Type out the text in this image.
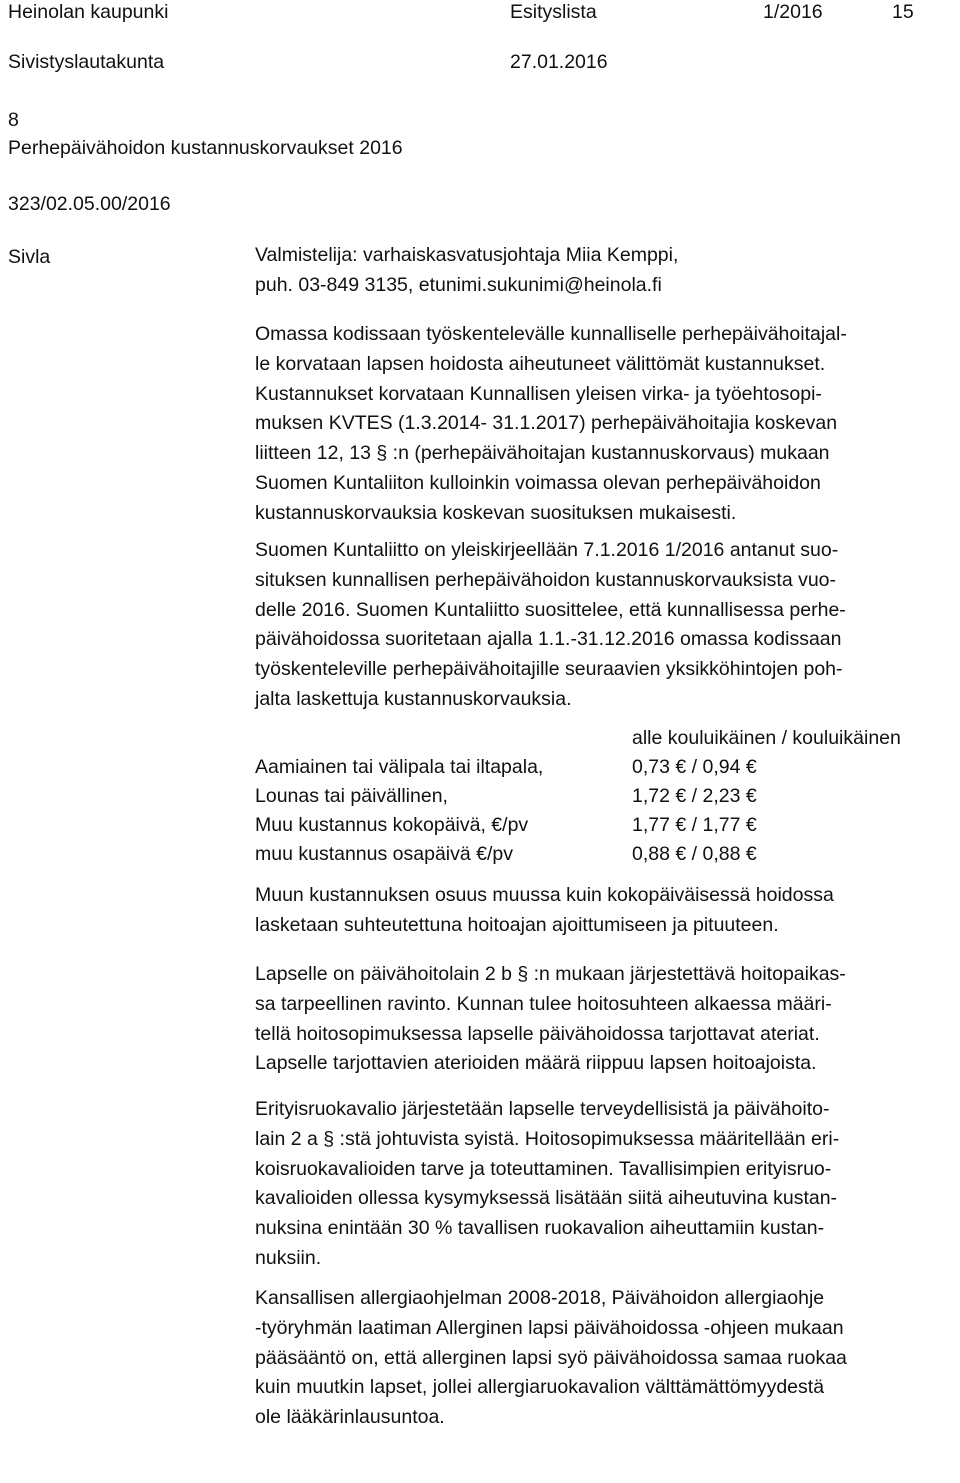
Heinolan kaupunki	Esityslista	1/2016	15
Sivistyslautakunta	27.01.2016
8
Perhepäivähoidon kustannuskorvaukset 2016
323/02.05.00/2016
Sivla	Valmistelija: varhaiskasvatusjohtaja Miia Kemppi,
puh. 03-849 3135, etunimi.sukunimi@heinola.fi
Omassa kodissaan työskentelevälle kunnalliselle perhepäivähoitajal-
le korvataan lapsen hoidosta aiheutuneet välittömät kustannukset.
Kustannukset korvataan Kunnallisen yleisen virka- ja työehtosopi-
muksen KVTES (1.3.2014- 31.1.2017) perhepäivähoitajia koskevan
liitteen 12, 13 § :n (perhepäivähoitajan kustannuskorvaus) mukaan
Suomen Kuntaliiton kulloinkin voimassa olevan perhepäivähoidon
kustannuskorvauksia koskevan suosituksen mukaisesti.
Suomen Kuntaliitto on yleiskirjeellään 7.1.2016 1/2016 antanut suo-
situksen kunnallisen perhepäivähoidon kustannuskorvauksista vuo-
delle 2016. Suomen Kuntaliitto suosittelee, että kunnallisessa perhe-
päivähoidossa suoritetaan ajalla 1.1.-31.12.2016 omassa kodissaan
työskenteleville perhepäivähoitajille seuraavien yksikköhintojen poh-
jalta laskettuja kustannuskorvauksia.
alle kouluikäinen / kouluikäinen
Aamiainen tai välipala tai iltapala,	0,73 € / 0,94 €
Lounas tai päivällinen,	1,72 € / 2,23 €
Muu kustannus kokopäivä, €/pv	1,77 € / 1,77 €
muu kustannus osapäivä €/pv	0,88 € / 0,88 €
Muun kustannuksen osuus muussa kuin kokopäiväisessä hoidossa
lasketaan suhteutettuna hoitoajan ajoittumiseen ja pituuteen.
Lapselle on päivähoitolain 2 b § :n mukaan järjestettävä hoitopaikas-
sa tarpeellinen ravinto. Kunnan tulee hoitosuhteen alkaessa määri-
tellä hoitosopimuksessa lapselle päivähoidossa tarjottavat ateriat.
Lapselle tarjottavien aterioiden määrä riippuu lapsen hoitoajoista.
Erityisruokavalio järjestetään lapselle terveydellisistä ja päivähoito-
lain 2 a § :stä johtuvista syistä. Hoitosopimuksessa määritellään eri-
koisruokavalioiden tarve ja toteuttaminen. Tavallisimpien erityisruo-
kavalioiden ollessa kysymyksessä lisätään siitä aiheutuvina kustan-
nuksina enintään 30 % tavallisen ruokavalion aiheuttamiin kustan-
nuksiin.
Kansallisen allergiaohjelman 2008-2018, Päivähoidon allergiaohje
-työryhmän laatiman Allerginen lapsi päivähoidossa -ohjeen mukaan
pääsääntö on, että allerginen lapsi syö päivähoidossa samaa ruokaa
kuin muutkin lapset, jollei allergiaruokavalion välttämättömyydestä
ole lääkärinlausuntoa.
